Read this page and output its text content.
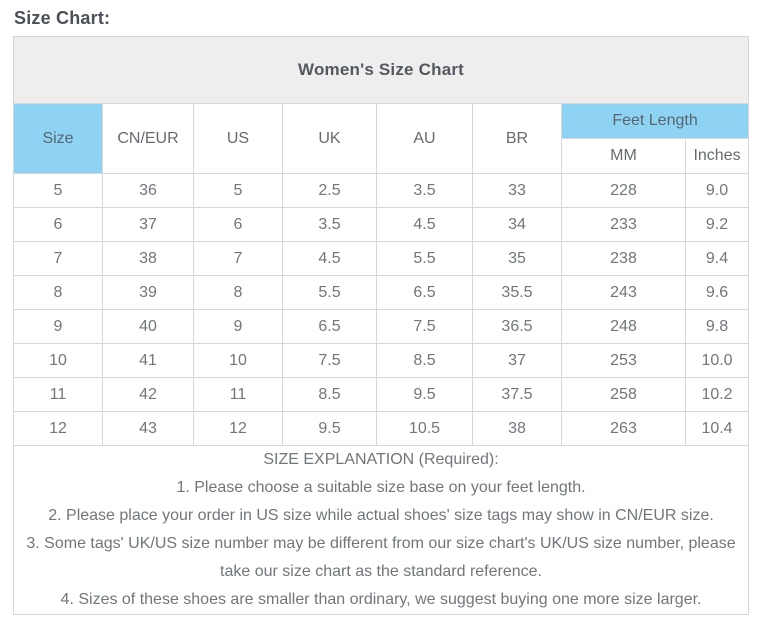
Size Chart:
Women's Size Chart							
Size	CN/EUR	US	UK	AU	BR	Feet Length	
						MM	Inches
5	36	5	2.5	3.5	33	228	9.0
6	37	6	3.5	4.5	34	233	9.2
7	38	7	4.5	5.5	35	238	9.4
8	39	8	5.5	6.5	35.5	243	9.6
9	40	9	6.5	7.5	36.5	248	9.8
10	41	10	7.5	8.5	37	253	10.0
11	42	11	8.5	9.5	37.5	258	10.2
12	43	12	9.5	10.5	38	263	10.4

SIZE EXPLANATION (Required):
1. Please choose a suitable size base on your feet length.
2. Please place your order in US size while actual shoes' size tags may show in CN/EUR size.
3. Some tags' UK/US size number may be different from our size chart's UK/US size number, please take our size chart as the standard reference.
4. Sizes of these shoes are smaller than ordinary, we suggest buying one more size larger.							
